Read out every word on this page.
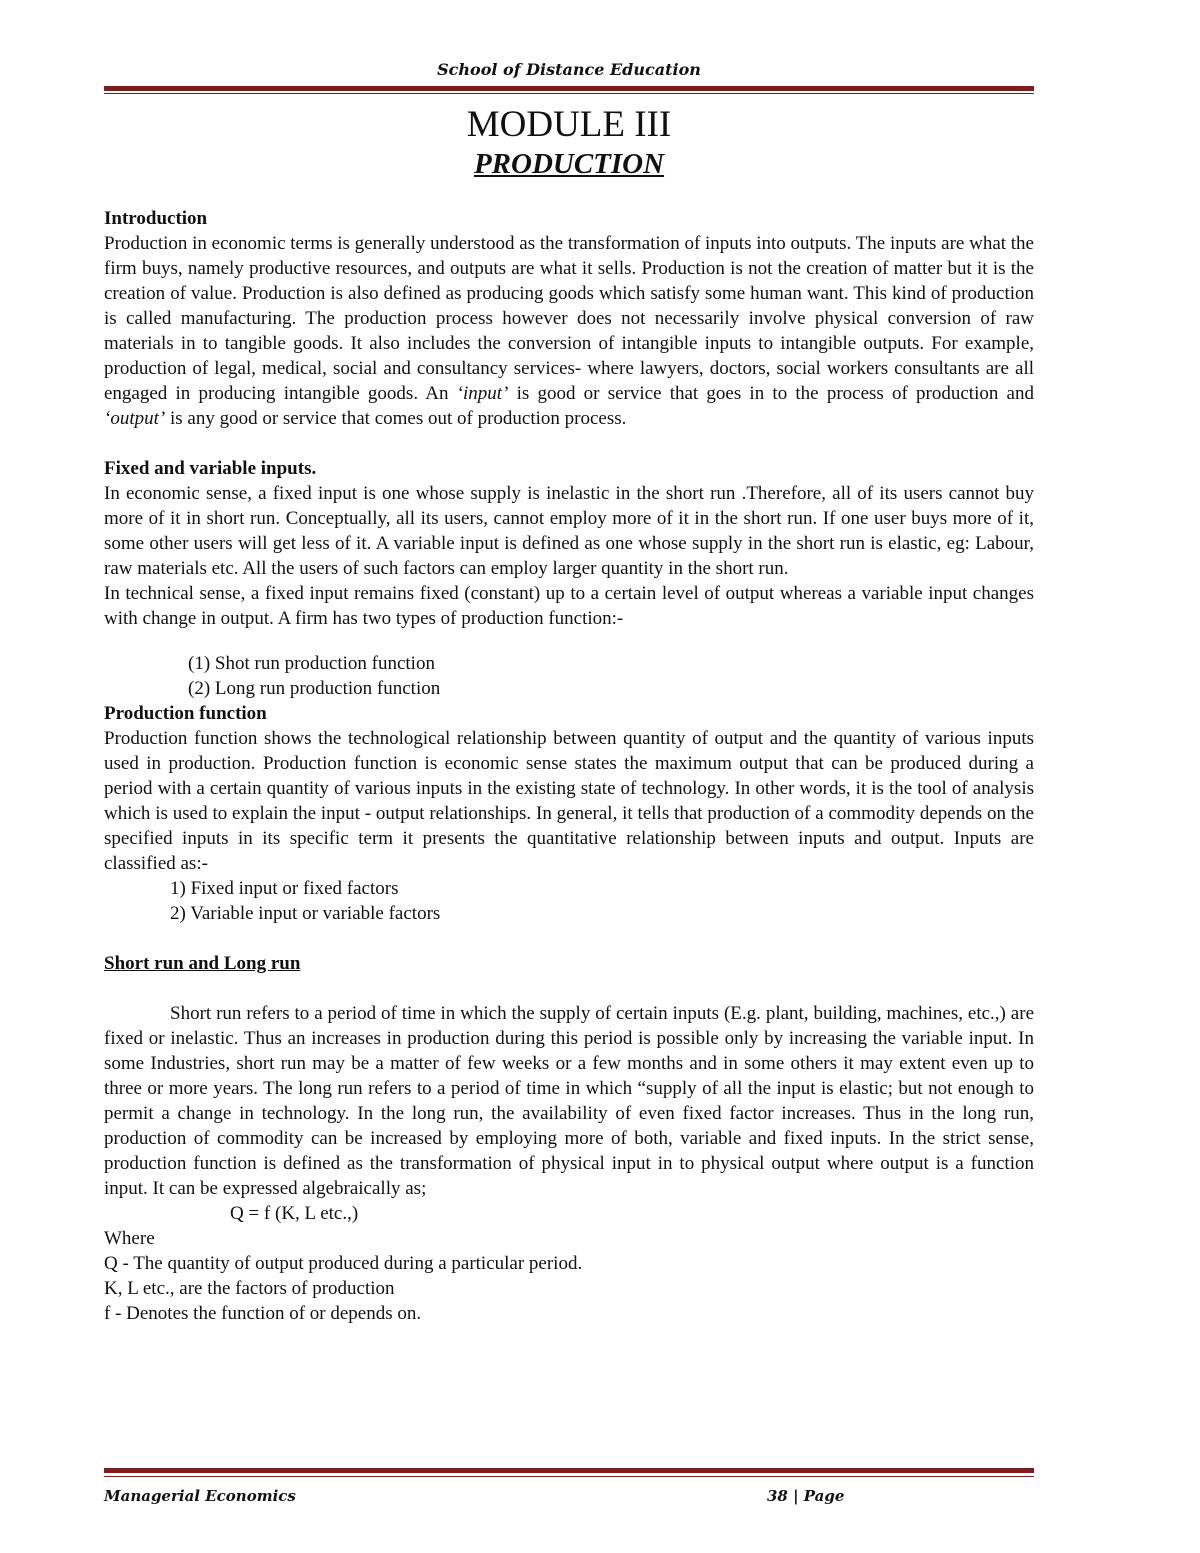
School of Distance Education
MODULE III
PRODUCTION

Introduction

Production in economic terms is generally understood as the transformation of inputs into outputs. The inputs are what the firm buys, namely productive resources, and outputs are what it sells. Production is not the creation of matter but it is the creation of value. Production is also defined as producing goods which satisfy some human want. This kind of production is called manufacturing. The production process however does not necessarily involve physical conversion of raw materials in to tangible goods. It also includes the conversion of intangible inputs to intangible outputs. For example, production of legal, medical, social and consultancy services- where lawyers, doctors, social workers consultants are all engaged in producing intangible goods. An ‘input’ is good or service that goes in to the process of production and ‘output’ is any good or service that comes out of production process.

Fixed and variable inputs.

In economic sense, a fixed input is one whose supply is inelastic in the short run .Therefore, all of its users cannot buy more of it in short run. Conceptually, all its users, cannot employ more of it in the short run. If one user buys more of it, some other users will get less of it. A variable input is defined as one whose supply in the short run is elastic, eg: Labour, raw materials etc. All the users of such factors can employ larger quantity in the short run.

In technical sense, a fixed input remains fixed (constant) up to a certain level of output whereas a variable input changes with change in output. A firm has two types of production function:-

(1) Shot run production function
(2) Long run production function

Production function

Production function shows the technological relationship between quantity of output and the quantity of various inputs used in production. Production function is economic sense states the maximum output that can be produced during a period with a certain quantity of various inputs in the existing state of technology. In other words, it is the tool of analysis which is used to explain the input - output relationships. In general, it tells that production of a commodity depends on the specified inputs in its specific term it presents the quantitative relationship between inputs and output. Inputs are classified as:-

1) Fixed input or fixed factors
2) Variable input or variable factors

Short run and Long run

Short run refers to a period of time in which the supply of certain inputs (E.g. plant, building, machines, etc.,) are fixed or inelastic. Thus an increases in production during this period is possible only by increasing the variable input. In some Industries, short run may be a matter of few weeks or a few months and in some others it may extent even up to three or more years. The long run refers to a period of time in which “supply of all the input is elastic; but not enough to permit a change in technology. In the long run, the availability of even fixed factor increases. Thus in the long run, production of commodity can be increased by employing more of both, variable and fixed inputs. In the strict sense, production function is defined as the transformation of physical input in to physical output where output is a function input. It can be expressed algebraically as;

Q = f (K, L etc.,)

Where

Q - The quantity of output produced during a particular period.

K, L etc., are the factors of production

f - Denotes the function of or depends on.

Managerial Economics	38 | Page
